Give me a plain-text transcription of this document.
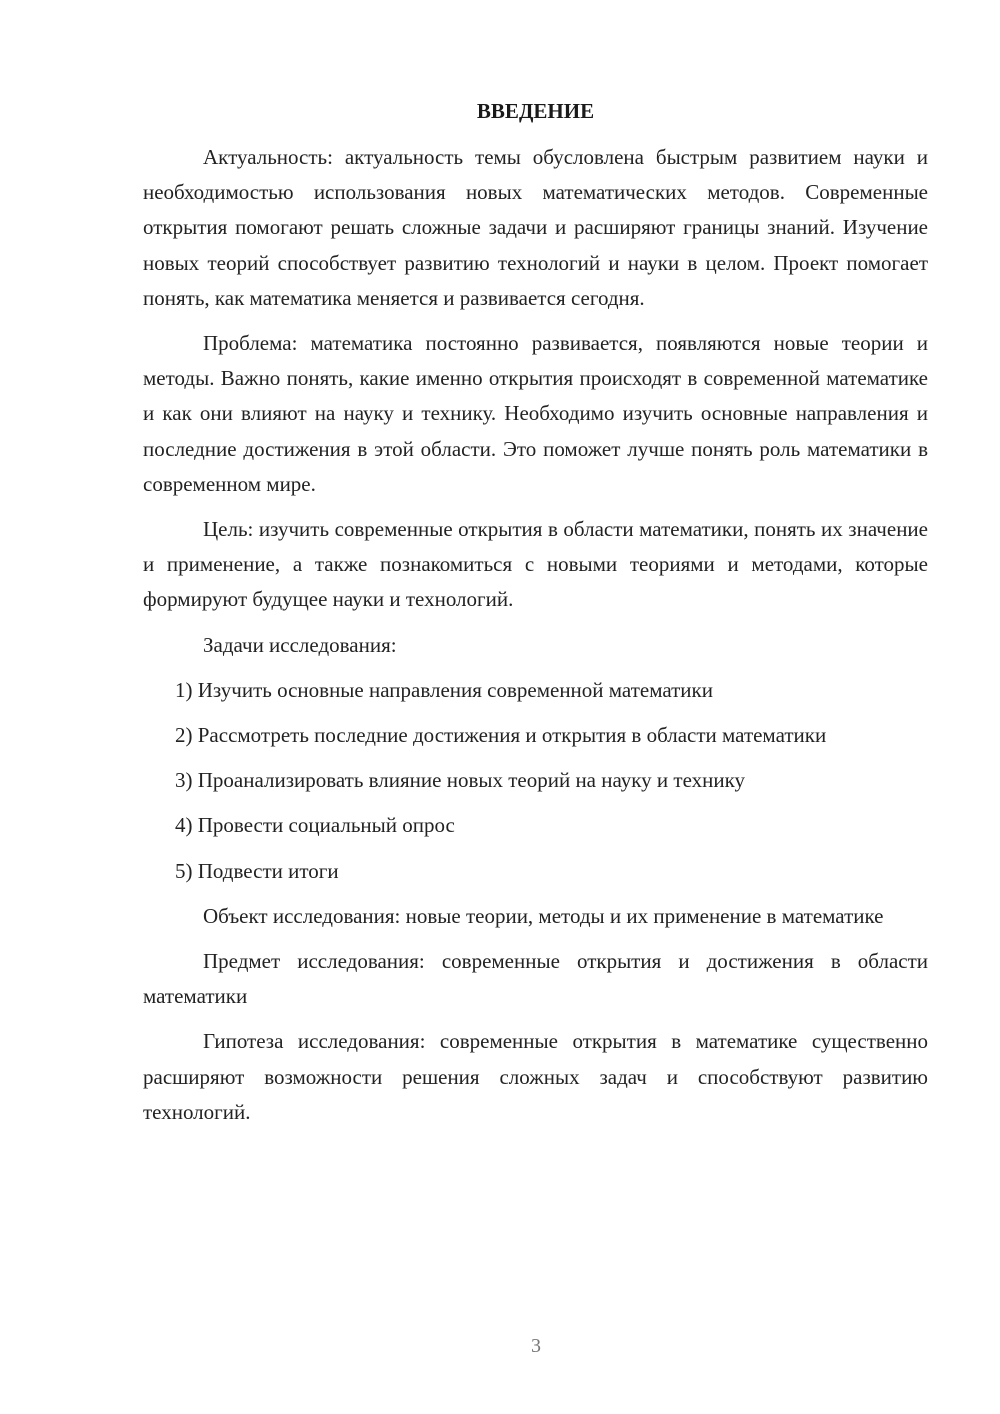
ВВЕДЕНИЕ

Актуальность: актуальность темы обусловлена быстрым развитием науки и необходимостью использования новых математических методов. Современные открытия помогают решать сложные задачи и расширяют границы знаний. Изучение новых теорий способствует развитию технологий и науки в целом. Проект помогает понять, как математика меняется и развивается сегодня.

Проблема: математика постоянно развивается, появляются новые теории и методы. Важно понять, какие именно открытия происходят в современной математике и как они влияют на науку и технику. Необходимо изучить основные направления и последние достижения в этой области. Это поможет лучше понять роль математики в современном мире.

Цель: изучить современные открытия в области математики, понять их значение и применение, а также познакомиться с новыми теориями и методами, которые формируют будущее науки и технологий.

Задачи исследования:

1) Изучить основные направления современной математики

2) Рассмотреть последние достижения и открытия в области математики

3) Проанализировать влияние новых теорий на науку и технику

4) Провести социальный опрос

5) Подвести итоги

Объект исследования: новые теории, методы и их применение в математике

Предмет исследования: современные открытия и достижения в области математики

Гипотеза исследования: современные открытия в математике существенно расширяют возможности решения сложных задач и способствуют развитию технологий.

3
